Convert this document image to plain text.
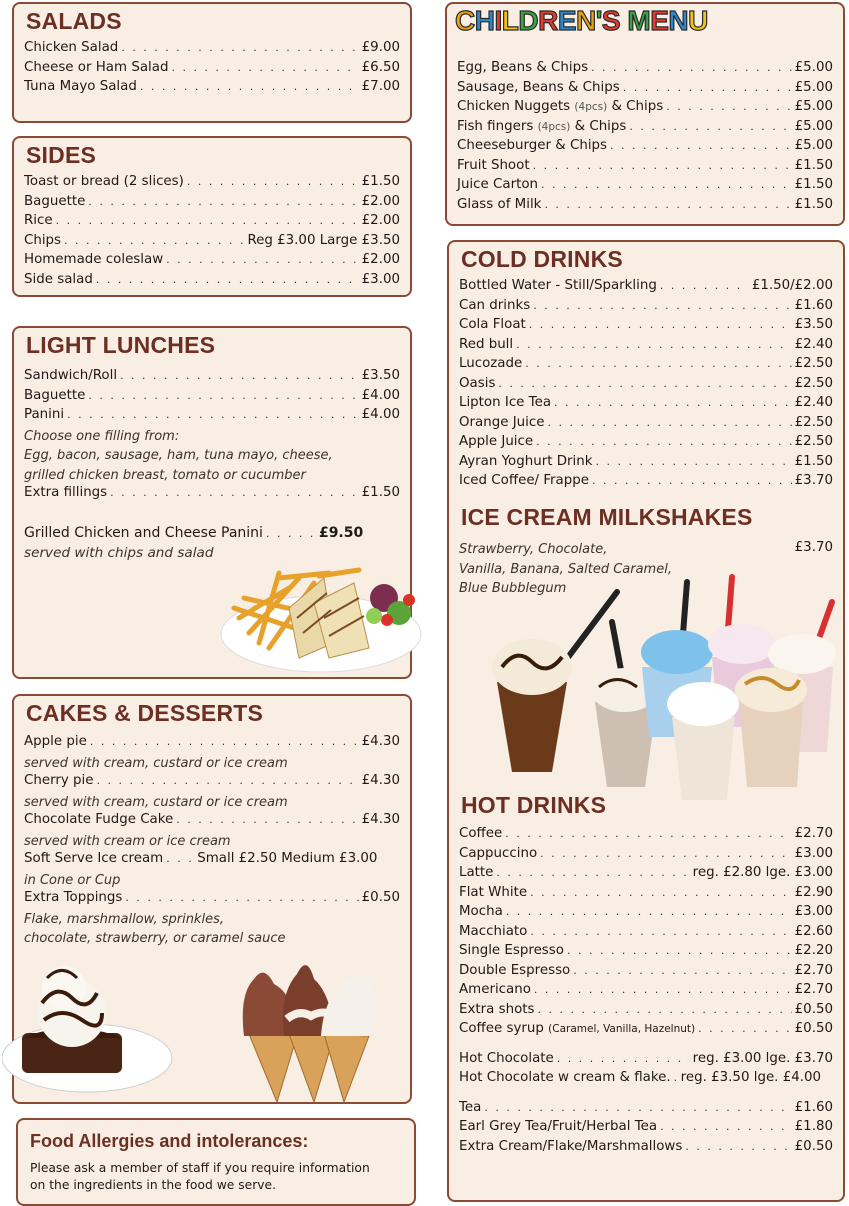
SALADS
Chicken Salad . . .	£9.00
Cheese or Ham Salad . . .	£6.50
Tuna Mayo Salad . . .	£7.00
SIDES
Toast or bread (2 slices) . . .	£1.50
Baguette . . .	£2.00
Rice . . .	£2.00
Chips . . .	Reg £3.00 Large £3.50
Homemade coleslaw . . .	£2.00
Side salad . . .	£3.00
LIGHT LUNCHES
Sandwich/Roll . . .	£3.50
Baguette . . .	£4.00
Panini . . .	£4.00
Choose one filling from:
Egg, bacon, sausage, ham, tuna mayo, cheese,
grilled chicken breast, tomato or cucumber
Extra fillings . . .	£1.50
Grilled Chicken and Cheese Panini . . .	£9.50
served with chips and salad
CAKES & DESSERTS
Apple pie . . .	£4.30
served with cream, custard or ice cream
Cherry pie . . .	£4.30
served with cream, custard or ice cream
Chocolate Fudge Cake . . .	£4.30
served with cream or ice cream
Soft Serve Ice cream . . .	Small £2.50 Medium £3.00
in Cone or Cup
Extra Toppings . . .	£0.50
Flake, marshmallow, sprinkles,
chocolate, strawberry, or caramel sauce
Food Allergies and intolerances:
Please ask a member of staff if you require information
on the ingredients in the food we serve.
CHILDREN'S MENU
Egg, Beans & Chips . . .	£5.00
Sausage, Beans & Chips . . .	£5.00
Chicken Nuggets (4pcs) & Chips . . .	£5.00
Fish fingers (4pcs) & Chips . . .	£5.00
Cheeseburger & Chips . . .	£5.00
Fruit Shoot . . .	£1.50
Juice Carton . . .	£1.50
Glass of Milk . . .	£1.50
COLD DRINKS
Bottled Water - Still/Sparkling . . .	£1.50/£2.00
Can drinks . . .	£1.60
Cola Float . . .	£3.50
Red bull . . .	£2.40
Lucozade . . .	£2.50
Oasis . . .	£2.50
Lipton Ice Tea . . .	£2.40
Orange Juice . . .	£2.50
Apple Juice . . .	£2.50
Ayran Yoghurt Drink . . .	£1.50
Iced Coffee/ Frappe . . .	£3.70
ICE CREAM MILKSHAKES
£3.70
Strawberry, Chocolate,
Vanilla, Banana, Salted Caramel,
Blue Bubblegum
HOT DRINKS
Coffee . . .	£2.70
Cappuccino . . .	£3.00
Latte . . .	reg. £2.80 lge. £3.00
Flat White . . .	£2.90
Mocha . . .	£3.00
Macchiato . . .	£2.60
Single Espresso . . .	£2.20
Double Espresso . . .	£2.70
Americano . . .	£2.70
Extra shots . . .	£0.50
Coffee syrup (Caramel, Vanilla, Hazelnut) . . .	£0.50
Hot Chocolate . . .	reg. £3.00 lge. £3.70
Hot Chocolate w cream & flake. . . . reg. £3.50 lge. £4.00
Tea . . .	£1.60
Earl Grey Tea/Fruit/Herbal Tea . . .	£1.80
Extra Cream/Flake/Marshmallows . . .	£0.50
